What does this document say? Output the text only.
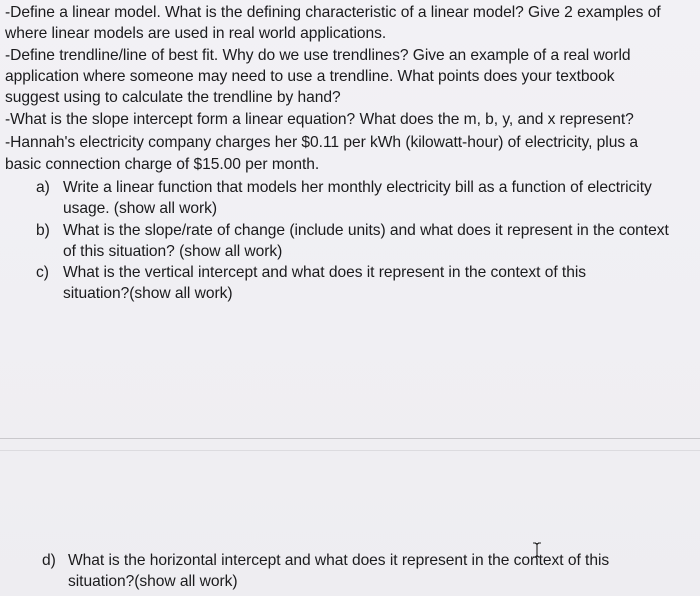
-Define a linear model. What is the defining characteristic of a linear model? Give 2 examples of
where linear models are used in real world applications.
-Define trendline/line of best fit. Why do we use trendlines? Give an example of a real world
application where someone may need to use a trendline. What points does your textbook
suggest using to calculate the trendline by hand?
-What is the slope intercept form a linear equation? What does the m, b, y, and x represent?
-Hannah's electricity company charges her $0.11 per kWh (kilowatt-hour) of electricity, plus a
basic connection charge of $15.00 per month.
a) Write a linear function that models her monthly electricity bill as a function of electricity
usage. (show all work)
b) What is the slope/rate of change (include units) and what does it represent in the context
of this situation? (show all work)
c) What is the vertical intercept and what does it represent in the context of this
situation?(show all work)
d) What is the horizontal intercept and what does it represent in the context of this
situation?(show all work)
